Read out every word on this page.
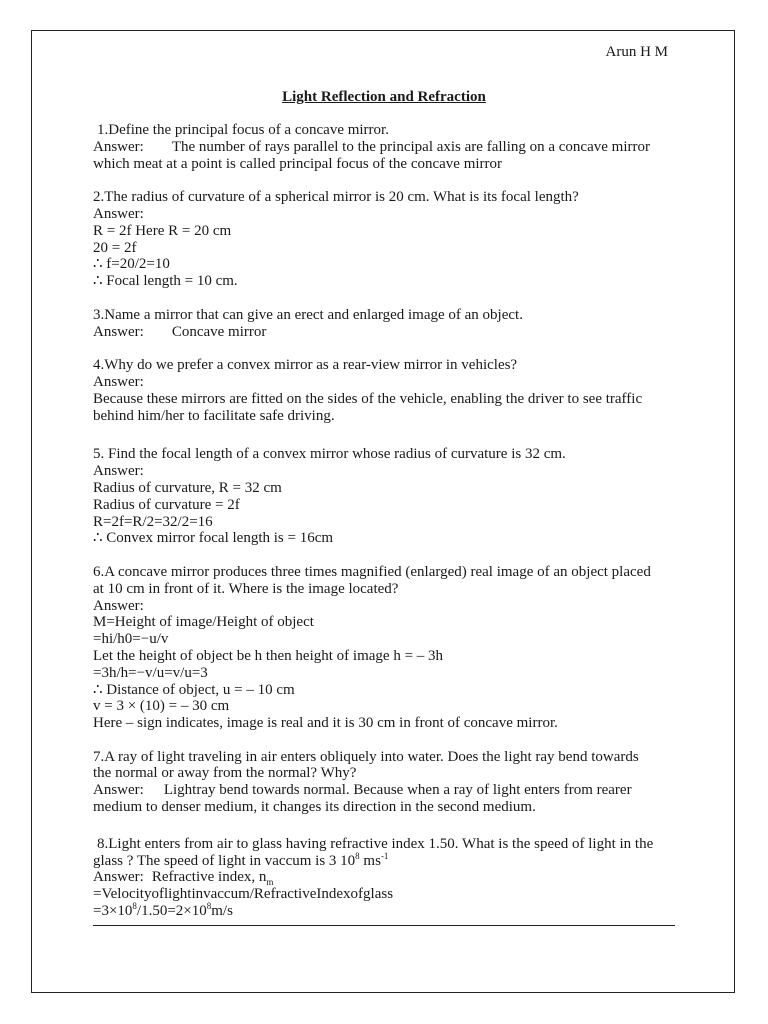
Arun H M
Light Reflection and Refraction

1.Define the principal focus of a concave mirror.

Answer: The number of rays parallel to the principal axis are falling on a concave mirror

which meat at a point is called principal focus of the concave mirror

2.The radius of curvature of a spherical mirror is 20 cm. What is its focal length?

Answer:

R = 2f Here R = 20 cm

20 = 2f

∴ f=20/2=10

∴ Focal length = 10 cm.

3.Name a mirror that can give an erect and enlarged image of an object.

Answer: Concave mirror

4.Why do we prefer a convex mirror as a rear-view mirror in vehicles?

Answer:

Because these mirrors are fitted on the sides of the vehicle, enabling the driver to see traffic

behind him/her to facilitate safe driving.

5. Find the focal length of a convex mirror whose radius of curvature is 32 cm.

Answer:

Radius of curvature, R = 32 cm

Radius of curvature = 2f

R=2f=R/2=32/2=16

∴ Convex mirror focal length is = 16cm

6.A concave mirror produces three times magnified (enlarged) real image of an object placed

at 10 cm in front of it. Where is the image located?

Answer:

M=Height of image/Height of object

=hi/h0=−u/v

Let the height of object be h then height of image h = – 3h

=3h/h=−v/u=v/u=3

∴ Distance of object, u = – 10 cm

v = 3 × (10) = – 30 cm

Here – sign indicates, image is real and it is 30 cm in front of concave mirror.

7.A ray of light traveling in air enters obliquely into water. Does the light ray bend towards

the normal or away from the normal? Why?

Answer: Lightray bend towards normal. Because when a ray of light enters from rearer

medium to denser medium, it changes its direction in the second medium.

8.Light enters from air to glass having refractive index 1.50. What is the speed of light in the

glass ? The speed of light in vaccum is 3 $10^8$ $ms^{-1}$

Answer: Refractive index, $n_m$

=Velocityoflightinvaccum/RefractiveIndexofglass

$=3\times 10^8/1.50=2\times 10^8m/s$
